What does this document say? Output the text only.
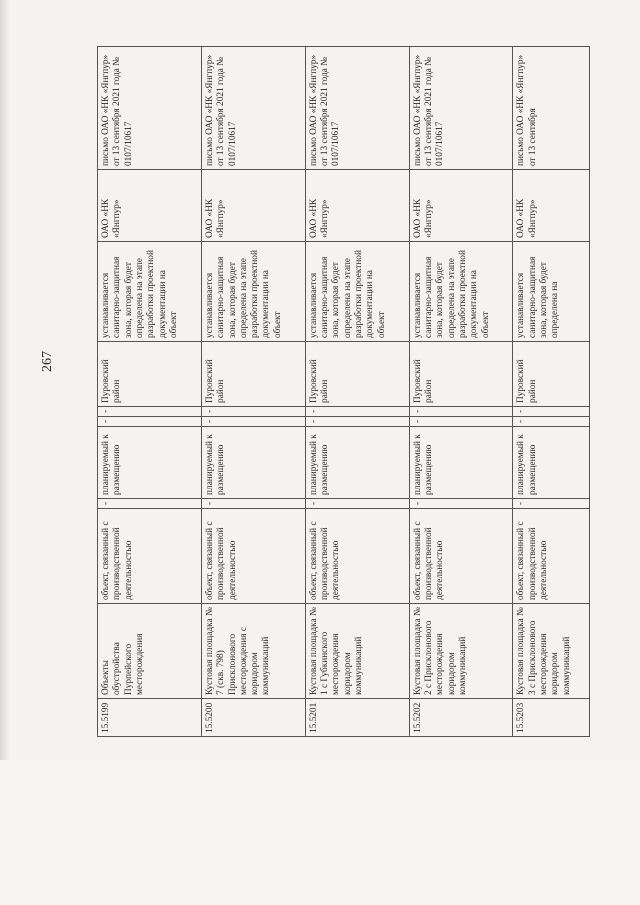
267
15.5199	Объекты обустройства Пурпейского месторождения	объект, связанный с производственной деятельностью	-	планируемый к размещению	-	-	Пуровский район	устанавливается санитарно-защитная зона, которая будет определена на этапе разработки проектной документации на объект	ОАО «НК «Янгпур»	письмо ОАО «НК «Янгпур» от 13 сентября 2021 года № 0107/10617

15.5200	Кустовая площадка № 7 (скв. 798) Присклонового месторождения с коридором коммуникаций	объект, связанный с производственной деятельностью	-	планируемый к размещению	-	-	Пуровский район	устанавливается санитарно-защитная зона, которая будет определена на этапе разработки проектной документации на объект	ОАО «НК «Янгпур»	письмо ОАО «НК «Янгпур» от 13 сентября 2021 года № 0107/10617

15.5201	Кустовая площадка № 1 с Губкинского месторождения коридором коммуникаций	объект, связанный с производственной деятельностью	-	планируемый к размещению	-	-	Пуровский район	устанавливается санитарно-защитная зона, которая будет определена на этапе разработки проектной документации на объект	ОАО «НК «Янгпур»	письмо ОАО «НК «Янгпур» от 13 сентября 2021 года № 0107/10617

15.5202	Кустовая площадка № 2 с Присклонового месторождения коридором коммуникаций	объект, связанный с производственной деятельностью	-	планируемый к размещению	-	-	Пуровский район	устанавливается санитарно-защитная зона, которая будет определена на этапе разработки проектной документации на объект	ОАО «НК «Янгпур»	письмо ОАО «НК «Янгпур» от 13 сентября 2021 года № 0107/10617

15.5203	Кустовая площадка № 3 с Присклонового месторождения коридором коммуникаций	объект, связанный с производственной деятельностью	-	планируемый к размещению	-	-	Пуровский район	устанавливается санитарно-защитная зона, которая будет определена на	ОАО «НК «Янгпур»	письмо ОАО «НК «Янгпур» от 13 сентября
